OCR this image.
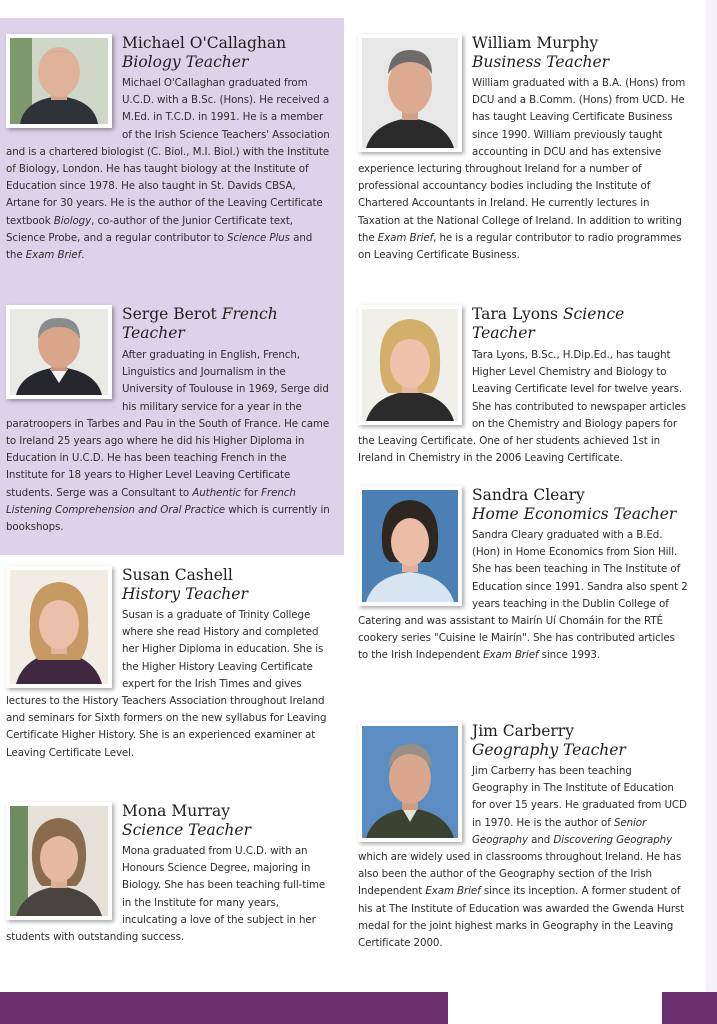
Michael O'Callaghan
Biology Teacher

Michael O'Callaghan graduated from U.C.D. with a B.Sc. (Hons). He received a M.Ed. in T.C.D. in 1991. He is a member of the Irish Science Teachers' Association and is a chartered biologist (C. Biol., M.I. Biol.) with the Institute of Biology, London. He has taught biology at the Institute of Education since 1978. He also taught in St. Davids CBSA, Artane for 30 years. He is the author of the Leaving Certificate textbook Biology, co-author of the Junior Certificate text, Science Probe, and a regular contributor to Science Plus and the Exam Brief.

Serge Berot French Teacher

After graduating in English, French, Linguistics and Journalism in the University of Toulouse in 1969, Serge did his military service for a year in the paratroopers in Tarbes and Pau in the South of France. He came to Ireland 25 years ago where he did his Higher Diploma in Education in U.C.D. He has been teaching French in the Institute for 18 years to Higher Level Leaving Certificate students. Serge was a Consultant to Authentic for French Listening Comprehension and Oral Practice which is currently in bookshops.

Susan Cashell
History Teacher

Susan is a graduate of Trinity College where she read History and completed her Higher Diploma in education. She is the Higher History Leaving Certificate expert for the Irish Times and gives lectures to the History Teachers Association throughout Ireland and seminars for Sixth formers on the new syllabus for Leaving Certificate Higher History. She is an experienced examiner at Leaving Certificate Level.

Mona Murray
Science Teacher

Mona graduated from U.C.D. with an Honours Science Degree, majoring in Biology. She has been teaching full-time in the Institute for many years, inculcating a love of the subject in her students with outstanding success.

William Murphy
Business Teacher

William graduated with a B.A. (Hons) from DCU and a B.Comm. (Hons) from UCD. He has taught Leaving Certificate Business since 1990. William previously taught accounting in DCU and has extensive experience lecturing throughout Ireland for a number of professional accountancy bodies including the Institute of Chartered Accountants in Ireland. He currently lectures in Taxation at the National College of Ireland. In addition to writing the Exam Brief, he is a regular contributor to radio programmes on Leaving Certificate Business.

Tara Lyons Science Teacher

Tara Lyons, B.Sc., H.Dip.Ed., has taught Higher Level Chemistry and Biology to Leaving Certificate level for twelve years. She has contributed to newspaper articles on the Chemistry and Biology papers for the Leaving Certificate. One of her students achieved 1st in Ireland in Chemistry in the 2006 Leaving Certificate.

Sandra Cleary
Home Economics Teacher

Sandra Cleary graduated with a B.Ed. (Hon) in Home Economics from Sion Hill. She has been teaching in The Institute of Education since 1991. Sandra also spent 2 years teaching in the Dublin College of Catering and was assistant to Mairín Uí Chomáin for the RTÉ cookery series "Cuisine le Mairín". She has contributed articles to the Irish Independent Exam Brief since 1993.

Jim Carberry
Geography Teacher

Jim Carberry has been teaching Geography in The Institute of Education for over 15 years. He graduated from UCD in 1970. He is the author of Senior Geography and Discovering Geography which are widely used in classrooms throughout Ireland. He has also been the author of the Geography section of the Irish Independent Exam Brief since its inception. A former student of his at The Institute of Education was awarded the Gwenda Hurst medal for the joint highest marks in Geography in the Leaving Certificate 2000.
